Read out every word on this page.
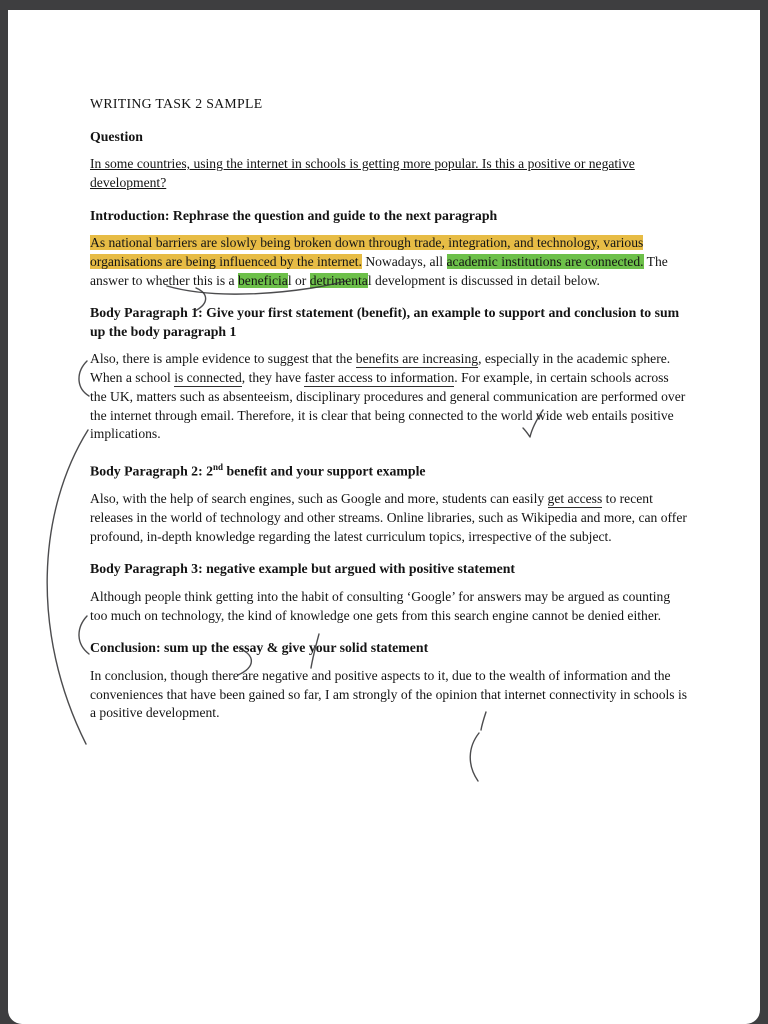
WRITING TASK 2 SAMPLE

Question

In some countries, using the internet in schools is getting more popular. Is this a positive or negative development?

Introduction: Rephrase the question and guide to the next paragraph

As national barriers are slowly being broken down through trade, integration, and technology, various organisations are being influenced by the internet. Nowadays, all academic institutions are connected. The answer to whether this is a beneficial or detrimental development is discussed in detail below.

Body Paragraph 1: Give your first statement (benefit), an example to support and conclusion to sum up the body paragraph 1

Also, there is ample evidence to suggest that the benefits are increasing, especially in the academic sphere. When a school is connected, they have faster access to information. For example, in certain schools across the UK, matters such as absenteeism, disciplinary procedures and general communication are performed over the internet through email. Therefore, it is clear that being connected to the world wide web entails positive implications.

Body Paragraph 2: 2nd benefit and your support example

Also, with the help of search engines, such as Google and more, students can easily get access to recent releases in the world of technology and other streams. Online libraries, such as Wikipedia and more, can offer profound, in-depth knowledge regarding the latest curriculum topics, irrespective of the subject.

Body Paragraph 3: negative example but argued with positive statement

Although people think getting into the habit of consulting ‘Google’ for answers may be argued as counting too much on technology, the kind of knowledge one gets from this search engine cannot be denied either.

Conclusion: sum up the essay & give your solid statement

In conclusion, though there are negative and positive aspects to it, due to the wealth of information and the conveniences that have been gained so far, I am strongly of the opinion that internet connectivity in schools is a positive development.
